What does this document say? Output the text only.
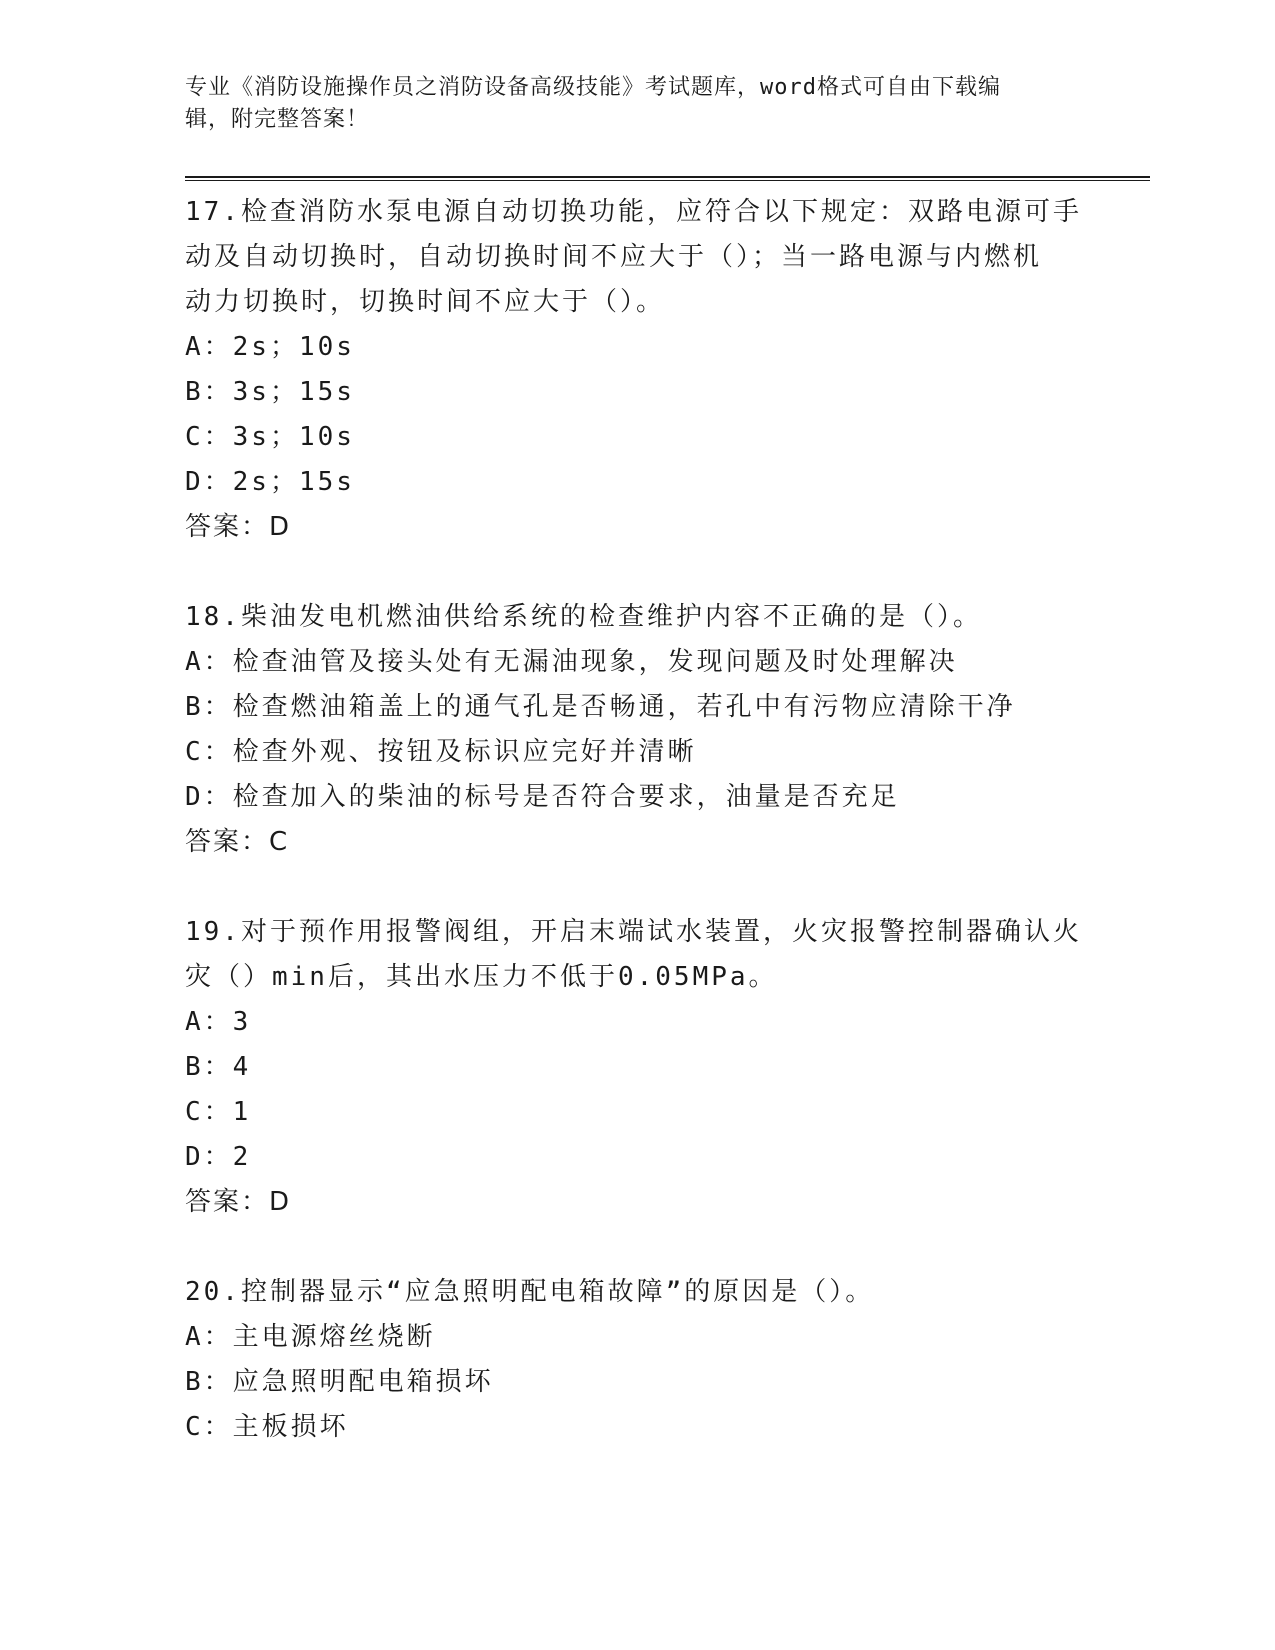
专业《消防设施操作员之消防设备高级技能》考试题库，word格式可自由下载编
辑，附完整答案！
17.检查消防水泵电源自动切换功能，应符合以下规定：双路电源可手
动及自动切换时，自动切换时间不应大于（）；当一路电源与内燃机
动力切换时，切换时间不应大于（）。
A：2s；10s
B：3s；15s
C：3s；10s
D：2s；15s
答案：D
18.柴油发电机燃油供给系统的检查维护内容不正确的是（）。
A：检查油管及接头处有无漏油现象，发现问题及时处理解决
B：检查燃油箱盖上的通气孔是否畅通，若孔中有污物应清除干净
C：检查外观、按钮及标识应完好并清晰
D：检查加入的柴油的标号是否符合要求，油量是否充足
答案：C
19.对于预作用报警阀组，开启末端试水装置，火灾报警控制器确认火
灾（）min后，其出水压力不低于0.05MPa。
A：3
B：4
C：1
D：2
答案：D
20.控制器显示“应急照明配电箱故障”的原因是（）。
A：主电源熔丝烧断
B：应急照明配电箱损坏
C：主板损坏
